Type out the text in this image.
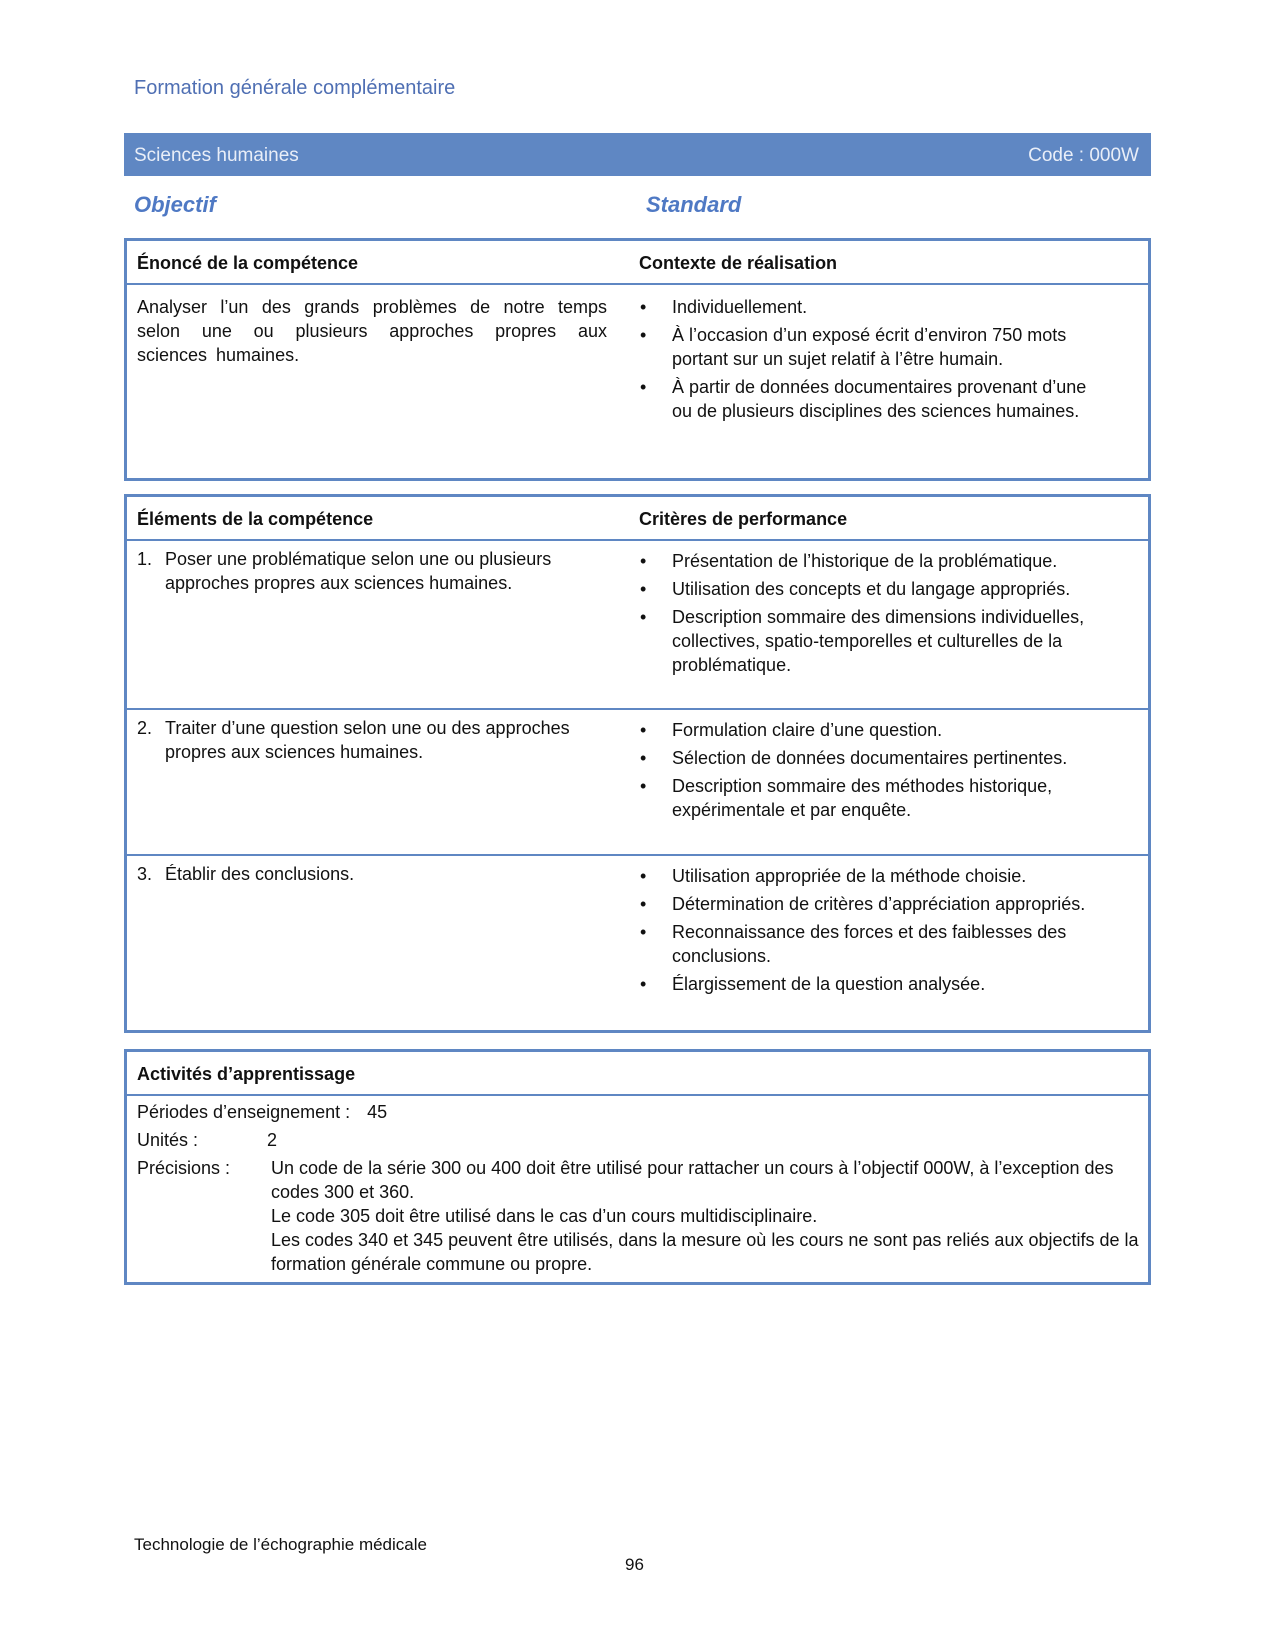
Formation générale complémentaire
Sciences humaines	Code : 000W
Objectif	Standard
Énoncé de la compétence	Contexte de réalisation
Analyser l’un des grands problèmes de notre temps selon une ou plusieurs approches propres aux sciences humaines.
• Individuellement.
• À l’occasion d’un exposé écrit d’environ 750 mots portant sur un sujet relatif à l’être humain.
• À partir de données documentaires provenant d’une ou de plusieurs disciplines des sciences humaines.
Éléments de la compétence	Critères de performance
1. Poser une problématique selon une ou plusieurs approches propres aux sciences humaines.
• Présentation de l’historique de la problématique.
• Utilisation des concepts et du langage appropriés.
• Description sommaire des dimensions individuelles, collectives, spatio-temporelles et culturelles de la problématique.
2. Traiter d’une question selon une ou des approches propres aux sciences humaines.
• Formulation claire d’une question.
• Sélection de données documentaires pertinentes.
• Description sommaire des méthodes historique, expérimentale et par enquête.
3. Établir des conclusions.
•	Utilisation appropriée de la méthode choisie.
• Détermination de critères d’appréciation appropriés.
• Reconnaissance des forces et des faiblesses des conclusions.
• Élargissement de la question analysée.
Activités d’apprentissage
Périodes d’enseignement : 45
Unités :	2
Précisions : Un code de la série 300 ou 400 doit être utilisé pour rattacher un cours à l’objectif 000W, à l’exception des codes 300 et 360.
Le code 305 doit être utilisé dans le cas d’un cours multidisciplinaire.
Les codes 340 et 345 peuvent être utilisés, dans la mesure où les cours ne sont pas reliés aux objectifs de la formation générale commune ou propre.
Technologie de l’échographie médicale
96
